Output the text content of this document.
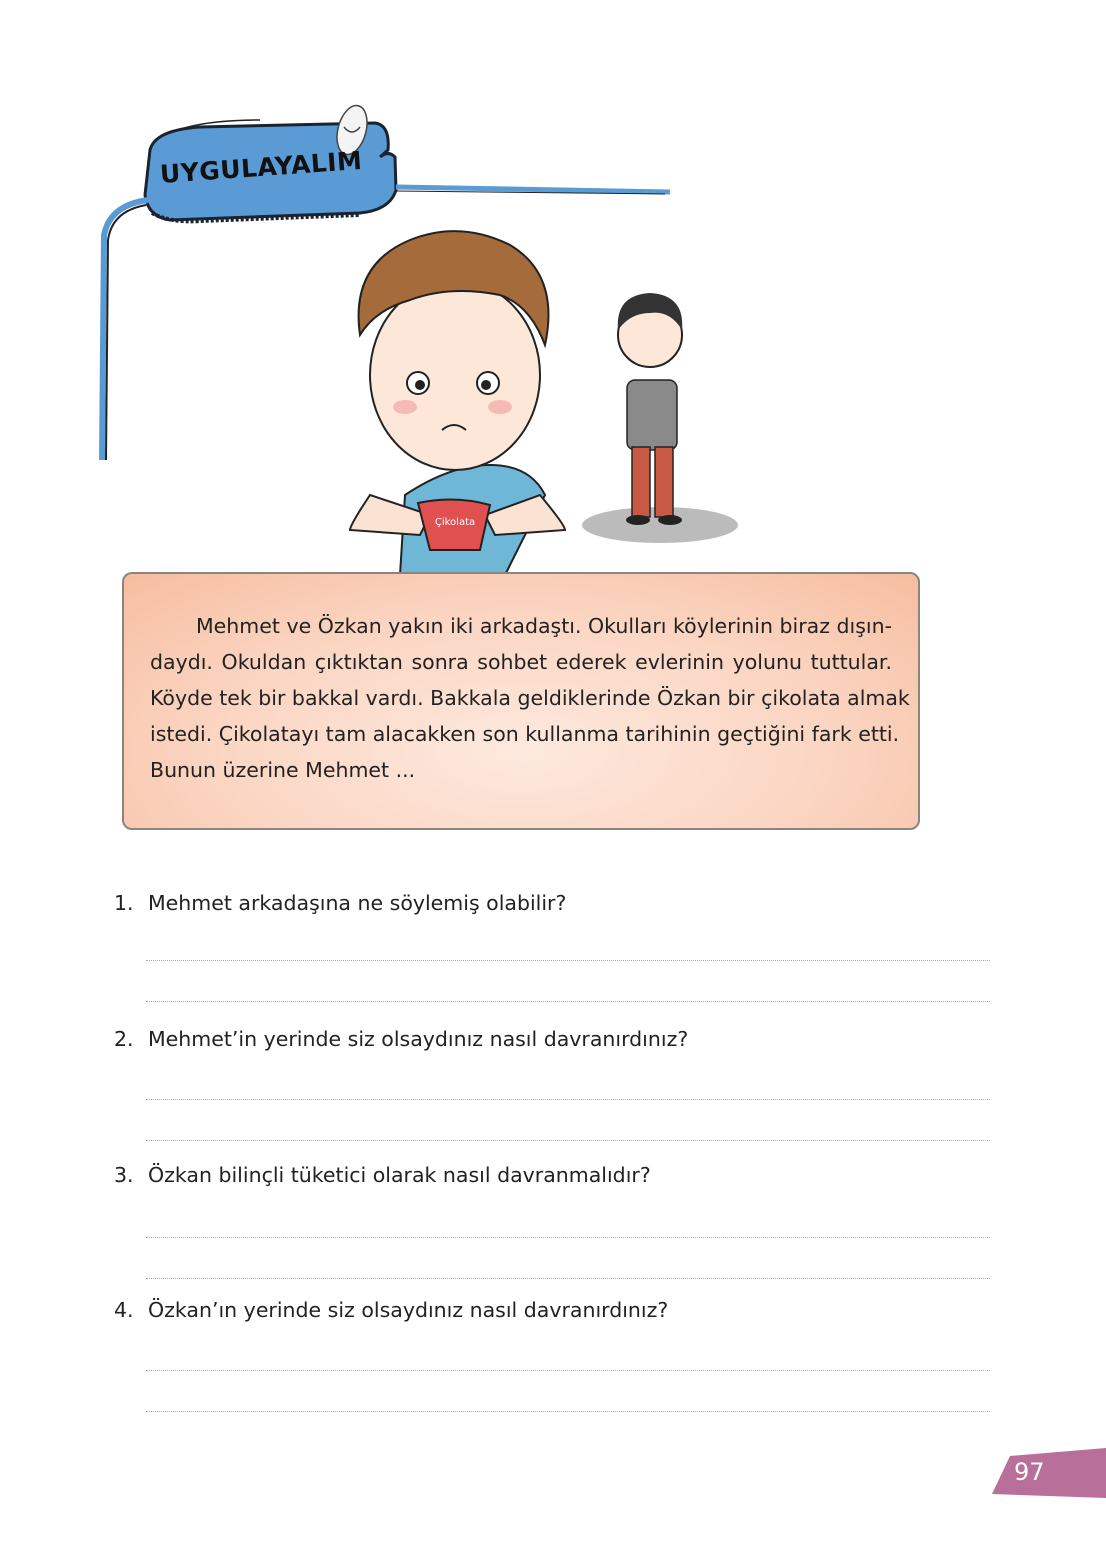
UYGULAYALIM
Çikolata
Mehmet ve Özkan yakın iki arkadaştı. Okulları köylerinin biraz dışın-
daydı. Okuldan çıktıktan sonra sohbet ederek evlerinin yolunu tuttular.
Köyde tek bir bakkal vardı. Bakkala geldiklerinde Özkan bir çikolata almak
istedi. Çikolatayı tam alacakken son kullanma tarihinin geçtiğini fark etti.
Bunun üzerine Mehmet ...
1. Mehmet arkadaşına ne söylemiş olabilir?
2. Mehmet’in yerinde siz olsaydınız nasıl davranırdınız?
3. Özkan bilinçli tüketici olarak nasıl davranmalıdır?
4. Özkan’ın yerinde siz olsaydınız nasıl davranırdınız?
97
